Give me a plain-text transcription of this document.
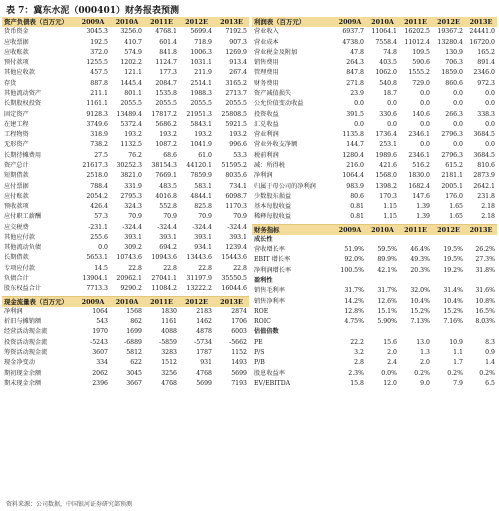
表 7：冀东水泥（000401）财务报表预测
资产负债表（百万元）	2009A	2010A	2011E	2012E	2013E
货币资金	3045.3	3256.0	4768.1	5699.4	7192.5
应收票据	192.5	410.7	601.4	718.9	907.3
应收账款	372.0	574.9	841.8	1006.3	1269.9
预付款项	1255.5	1202.2	1124.7	1031.1	913.4
其他应收款	457.5	121.1	177.3	211.9	267.4
存货	887.8	1445.4	2084.7	2514.1	3165.2
其他流动资产	211.1	801.1	1535.8	1988.3	2713.7
长期股权投资	1161.1	2055.5	2055.5	2055.5	2055.5
固定资产	9128.3	13489.4	17817.2	21951.3	25808.5
在建工程	3749.6	5372.4	5686.2	5843.1	5921.5
工程物资	318.9	193.2	193.2	193.2	193.2
无形资产	738.2	1132.5	1087.2	1041.9	996.6
长期待摊费用	27.5	76.2	68.6	61.0	53.3
资产总计	21617.3	30252.3	38154.3	44120.1	51595.2
短期借款	2518.0	3821.0	7669.1	7859.9	8035.6
应付票据	788.4	331.9	483.5	583.1	734.1
应付账款	2054.2	2795.3	4016.8	4844.1	6098.7
预收款项	426.4	324.3	552.8	825.8	1170.3
应付职工薪酬	57.3	70.9	70.9	70.9	70.9
应交税费	-231.1	-324.4	-324.4	-324.4	-324.4
其他应付款	255.6	393.1	393.1	393.1	393.1
其他流动负债	0.0	309.2	694.2	934.1	1239.4
长期借款	5653.1	10743.6	10943.6	13443.6	15443.6
专项应付款	14.5	22.8	22.8	22.8	22.8
负债合计	13904.1	20962.1	27041.1	31197.9	35550.5
股东权益合计	7713.3	9290.2	11084.2	13222.2	16044.6
现金流量表（百万元）	2009A	2010A	2011E	2012E	2013E
净利润	1064	1568	1830	2183	2874
折旧与摊销额	543	862	1161	1462	1706
经营活动现金流	1970	1699	4088	4878	6003
投资活动现金流	-5243	-6889	-5859	-5734	-5662
筹资活动现金流	3607	5812	3283	1787	1152
现金净变动	334	622	1512	931	1493
期初现金余额	2062	3045	3256	4768	5699
期末现金余额	2396	3667	4768	5699	7193
利润表（百万元）	2009A	2010A	2011E	2012E	2013E
营业收入	6937.7	11064.1	16202.5	19367.2	24441.0
营业成本	4738.0	7558.4	11012.4	13280.4	16720.0
营业税金及附加	47.8	74.8	109.5	130.9	165.2
销售费用	264.3	403.5	590.6	706.3	891.4
管理费用	847.8	1062.0	1555.2	1859.0	2346.0
财务费用	271.8	540.8	729.0	860.6	972.3
资产减值损失	23.9	18.7	0.0	0.0	0.0
公允价值变动收益	0.0	0.0	0.0	0.0	0.0
投资收益	391.5	330.6	140.6	266.3	338.3
汇兑收益	0.0	0.0	0.0	0.0	0.0
营业利润	1135.8	1736.4	2346.1	2796.3	3684.5
营业外收支净额	144.7	253.1	0.0	0.0	0.0
税前利润	1280.4	1989.6	2346.1	2796.3	3684.5
减：所得税	216.0	421.6	516.2	615.2	810.6
净利润	1064.4	1568.0	1830.0	2181.1	2873.9
归属于母公司的净利润	983.9	1398.2	1682.4	2005.1	2642.1
少数股东损益	80.6	170.3	147.6	176.0	231.8
基本每股收益	0.81	1.15	1.39	1.65	2.18
稀释每股收益	0.81	1.15	1.39	1.65	2.18
财务指标	2009A	2010A	2011E	2012E	2013E
成长性					
营收增长率	51.9%	59.5%	46.4%	19.5%	26.2%
EBIT 增长率	92.0%	89.9%	49.3%	19.5%	27.3%
净利润增长率	100.5%	42.1%	20.3%	19.2%	31.8%
盈利性					
销售毛利率	31.7%	31.7%	32.0%	31.4%	31.6%
销售净利率	14.2%	12.6%	10.4%	10.4%	10.8%
ROE	12.8%	15.1%	15.2%	15.2%	16.5%
ROIC	4.75%	5.90%	7.13%	7.16%	8.03%
估值倍数					
PE	22.2	15.6	13.0	10.9	8.3
P/S	3.2	2.0	1.3	1.1	0.9
P/B	2.8	2.4	2.0	1.7	1.4
股息收益率	2.3%	0.0%	0.2%	0.2%	0.2%
EV/EBITDA	15.8	12.0	9.0	7.9	6.5
资料来源：公司数据，中国银河证券研究部预测
